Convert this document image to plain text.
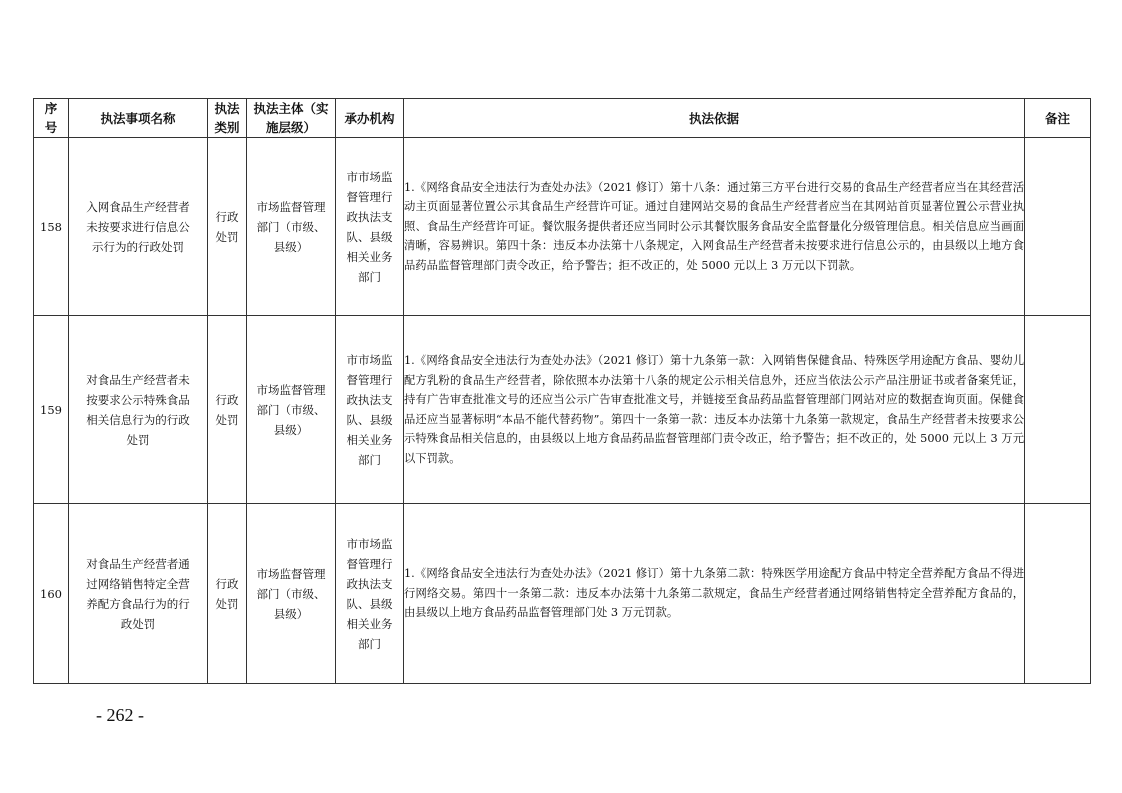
序号	执法事项名称	执法类别	执法主体（实施层级）	承办机构	执法依据	备注
158	入网食品生产经营者未按要求进行信息公示行为的行政处罚	行政处罚	市场监督管理部门（市级、县级）	市市场监督管理行政执法支队、县级相关业务部门	1.《网络食品安全违法行为查处办法》（2021 修订）第十八条：通过第三方平台进行交易的食品生产经营者应当在其经营活动主页面显著位置公示其食品生产经营许可证。通过自建网站交易的食品生产经营者应当在其网站首页显著位置公示营业执照、食品生产经营许可证。餐饮服务提供者还应当同时公示其餐饮服务食品安全监督量化分级管理信息。相关信息应当画面清晰，容易辨识。第四十条：违反本办法第十八条规定，入网食品生产经营者未按要求进行信息公示的，由县级以上地方食品药品监督管理部门责令改正，给予警告；拒不改正的，处 5000 元以上 3 万元以下罚款。	

159	对食品生产经营者未按要求公示特殊食品相关信息行为的行政处罚	行政处罚	市场监督管理部门（市级、县级）	市市场监督管理行政执法支队、县级相关业务部门	1.《网络食品安全违法行为查处办法》（2021 修订）第十九条第一款：入网销售保健食品、特殊医学用途配方食品、婴幼儿配方乳粉的食品生产经营者，除依照本办法第十八条的规定公示相关信息外，还应当依法公示产品注册证书或者备案凭证，持有广告审查批准文号的还应当公示广告审查批准文号，并链接至食品药品监督管理部门网站对应的数据查询页面。保健食品还应当显著标明“本品不能代替药物”。第四十一条第一款：违反本办法第十九条第一款规定，食品生产经营者未按要求公示特殊食品相关信息的，由县级以上地方食品药品监督管理部门责令改正，给予警告；拒不改正的，处 5000 元以上 3 万元以下罚款。	

160	对食品生产经营者通过网络销售特定全营养配方食品行为的行政处罚	行政处罚	市场监督管理部门（市级、县级）	市市场监督管理行政执法支队、县级相关业务部门	1.《网络食品安全违法行为查处办法》（2021 修订）第十九条第二款：特殊医学用途配方食品中特定全营养配方食品不得进行网络交易。第四十一条第二款：违反本办法第十九条第二款规定，食品生产经营者通过网络销售特定全营养配方食品的，由县级以上地方食品药品监督管理部门处 3 万元罚款。	

- 262 -
